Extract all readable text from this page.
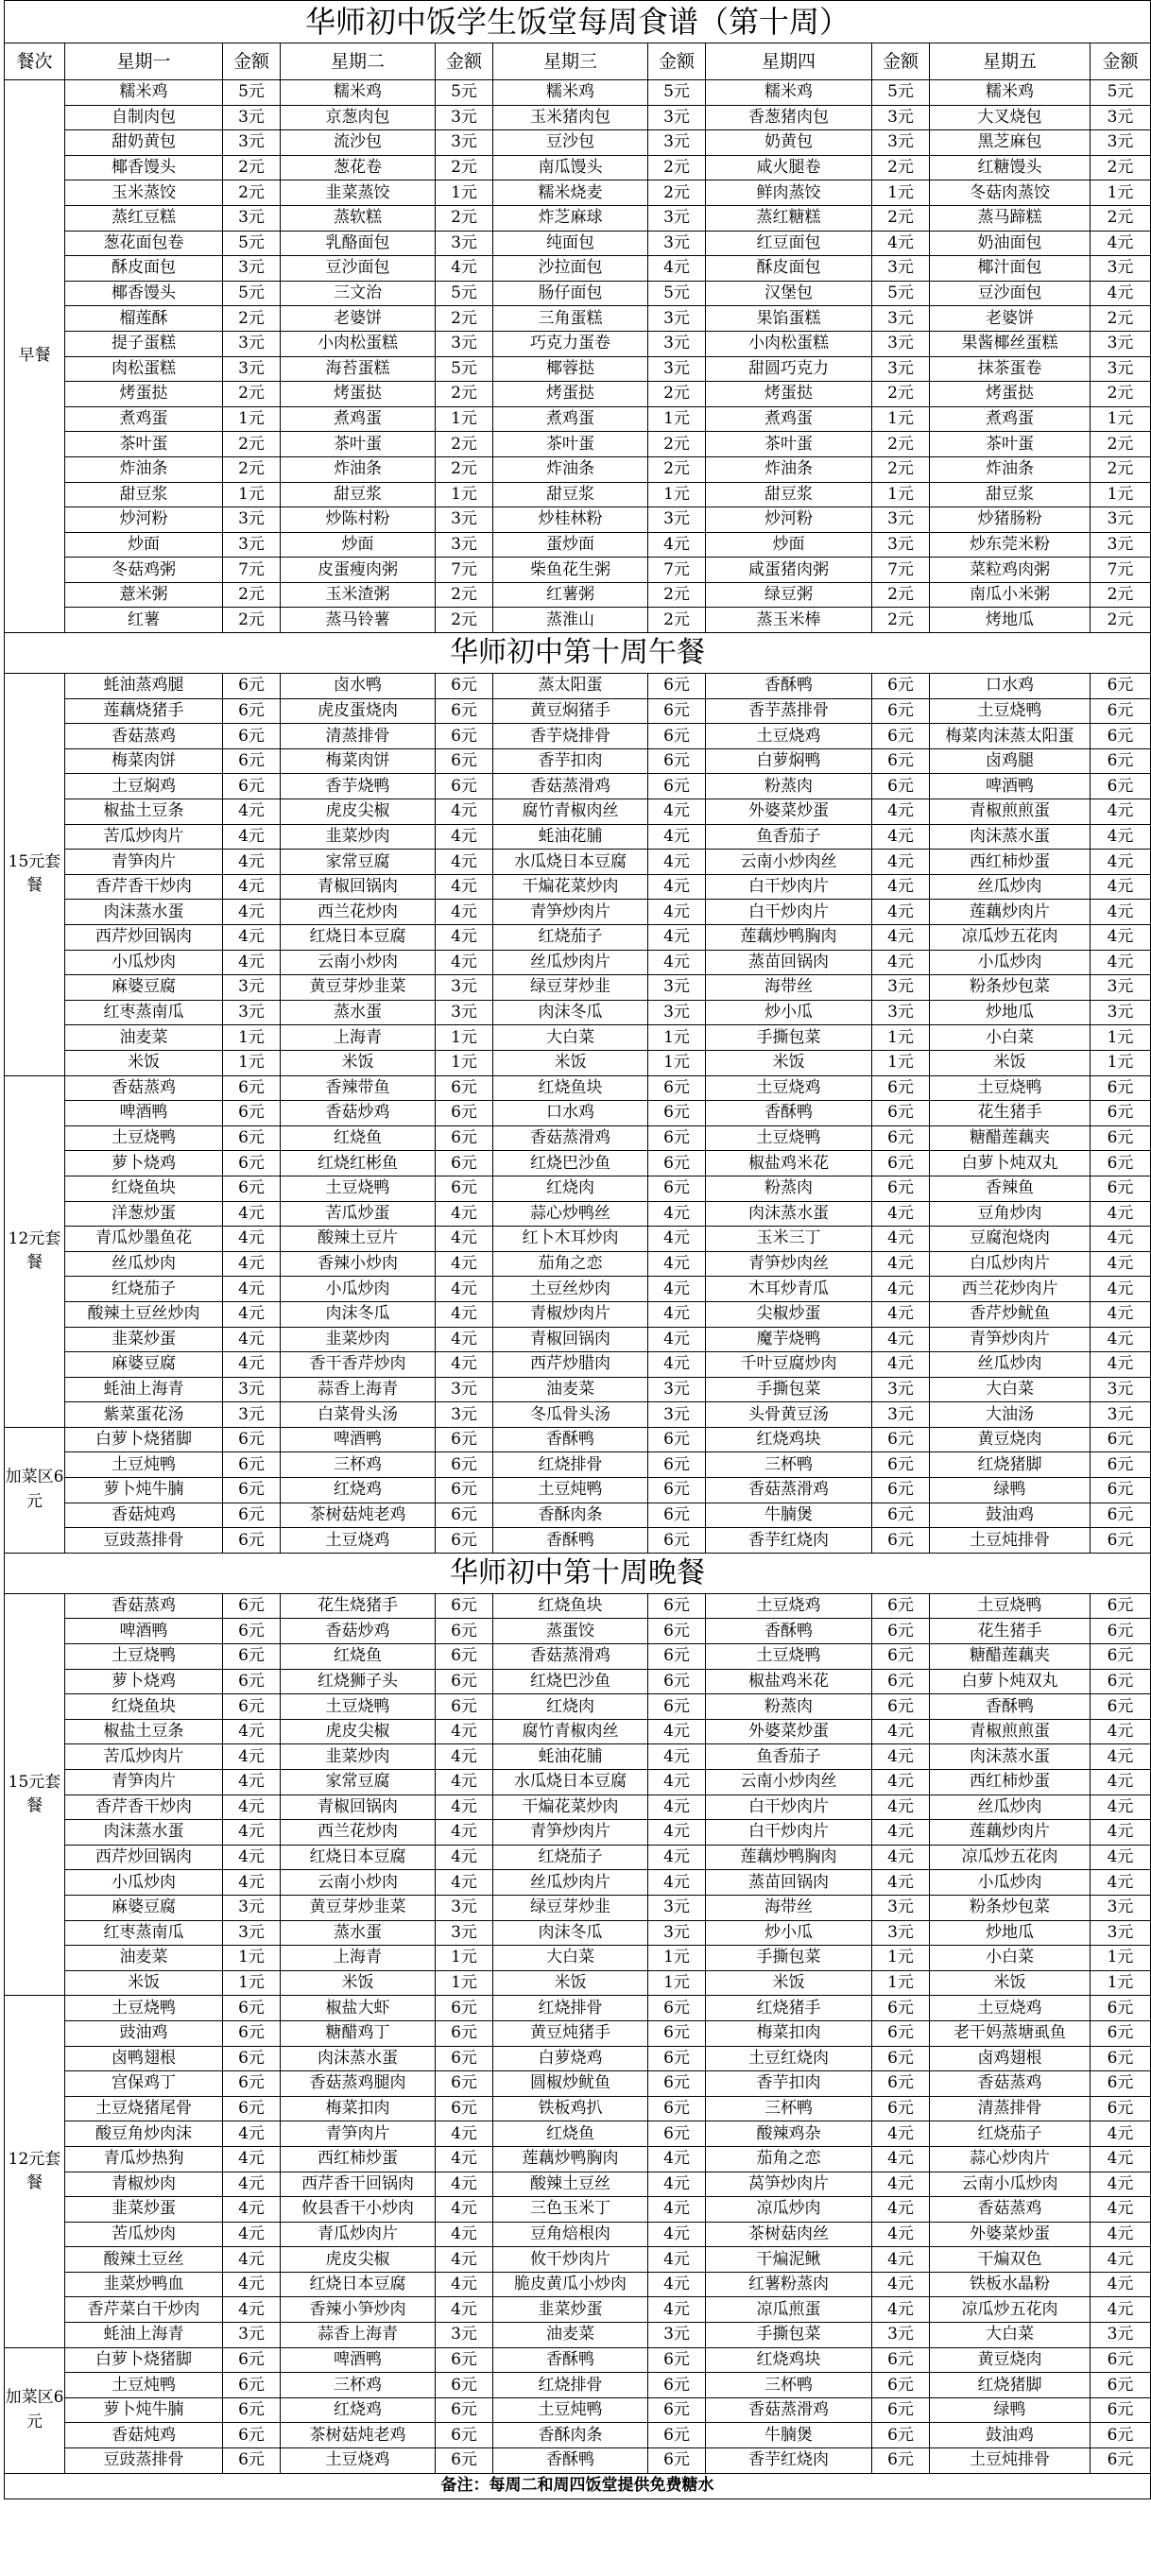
华师初中饭学生饭堂每周食谱（第十周）										
餐次	星期一	金额	星期二	金额	星期三	金额	星期四	金额	星期五	金额
早餐	糯米鸡	5元	糯米鸡	5元	糯米鸡	5元	糯米鸡	5元	糯米鸡	5元
	自制肉包	3元	京葱肉包	3元	玉米猪肉包	3元	香葱猪肉包	3元	大叉烧包	3元
	甜奶黄包	3元	流沙包	3元	豆沙包	3元	奶黄包	3元	黑芝麻包	3元
	椰香馒头	2元	葱花卷	2元	南瓜馒头	2元	咸火腿卷	2元	红糖馒头	2元
	玉米蒸饺	2元	韭菜蒸饺	1元	糯米烧麦	2元	鲜肉蒸饺	1元	冬菇肉蒸饺	1元
	蒸红豆糕	3元	蒸软糕	2元	炸芝麻球	3元	蒸红糖糕	2元	蒸马蹄糕	2元
	葱花面包卷	5元	乳酪面包	3元	纯面包	3元	红豆面包	4元	奶油面包	4元
	酥皮面包	3元	豆沙面包	4元	沙拉面包	4元	酥皮面包	3元	椰汁面包	3元
	椰香馒头	5元	三文治	5元	肠仔面包	5元	汉堡包	5元	豆沙面包	4元
	榴莲酥	2元	老婆饼	2元	三角蛋糕	3元	果馅蛋糕	3元	老婆饼	2元
	提子蛋糕	3元	小肉松蛋糕	3元	巧克力蛋卷	3元	小肉松蛋糕	3元	果酱椰丝蛋糕	3元
	肉松蛋糕	3元	海苔蛋糕	5元	椰蓉挞	3元	甜圆巧克力	3元	抹茶蛋卷	3元
	烤蛋挞	2元	烤蛋挞	2元	烤蛋挞	2元	烤蛋挞	2元	烤蛋挞	2元
	煮鸡蛋	1元	煮鸡蛋	1元	煮鸡蛋	1元	煮鸡蛋	1元	煮鸡蛋	1元
	茶叶蛋	2元	茶叶蛋	2元	茶叶蛋	2元	茶叶蛋	2元	茶叶蛋	2元
	炸油条	2元	炸油条	2元	炸油条	2元	炸油条	2元	炸油条	2元
	甜豆浆	1元	甜豆浆	1元	甜豆浆	1元	甜豆浆	1元	甜豆浆	1元
	炒河粉	3元	炒陈村粉	3元	炒桂林粉	3元	炒河粉	3元	炒猪肠粉	3元
	炒面	3元	炒面	3元	蛋炒面	4元	炒面	3元	炒东莞米粉	3元
	冬菇鸡粥	7元	皮蛋瘦肉粥	7元	柴鱼花生粥	7元	咸蛋猪肉粥	7元	菜粒鸡肉粥	7元
	薏米粥	2元	玉米渣粥	2元	红薯粥	2元	绿豆粥	2元	南瓜小米粥	2元
	红薯	2元	蒸马铃薯	2元	蒸淮山	2元	蒸玉米棒	2元	烤地瓜	2元
华师初中第十周午餐										
15元套餐	蚝油蒸鸡腿	6元	卤水鸭	6元	蒸太阳蛋	6元	香酥鸭	6元	口水鸡	6元
	莲藕烧猪手	6元	虎皮蛋烧肉	6元	黄豆焖猪手	6元	香芋蒸排骨	6元	土豆烧鸭	6元
	香菇蒸鸡	6元	清蒸排骨	6元	香芋烧排骨	6元	土豆烧鸡	6元	梅菜肉沫蒸太阳蛋	6元
	梅菜肉饼	6元	梅菜肉饼	6元	香芋扣肉	6元	白萝焖鸭	6元	卤鸡腿	6元
	土豆焖鸡	6元	香芋烧鸭	6元	香菇蒸滑鸡	6元	粉蒸肉	6元	啤酒鸭	6元
	椒盐土豆条	4元	虎皮尖椒	4元	腐竹青椒肉丝	4元	外婆菜炒蛋	4元	青椒煎煎蛋	4元
	苦瓜炒肉片	4元	韭菜炒肉	4元	蚝油花脯	4元	鱼香茄子	4元	肉沫蒸水蛋	4元
	青笋肉片	4元	家常豆腐	4元	水瓜烧日本豆腐	4元	云南小炒肉丝	4元	西红柿炒蛋	4元
	香芹香干炒肉	4元	青椒回锅肉	4元	干煸花菜炒肉	4元	白干炒肉片	4元	丝瓜炒肉	4元
	肉沫蒸水蛋	4元	西兰花炒肉	4元	青笋炒肉片	4元	白干炒肉片	4元	莲藕炒肉片	4元
	西芹炒回锅肉	4元	红烧日本豆腐	4元	红烧茄子	4元	莲藕炒鸭胸肉	4元	凉瓜炒五花肉	4元
	小瓜炒肉	4元	云南小炒肉	4元	丝瓜炒肉片	4元	蒸苗回锅肉	4元	小瓜炒肉	4元
	麻婆豆腐	3元	黄豆芽炒韭菜	3元	绿豆芽炒韭	3元	海带丝	3元	粉条炒包菜	3元
	红枣蒸南瓜	3元	蒸水蛋	3元	肉沫冬瓜	3元	炒小瓜	3元	炒地瓜	3元
	油麦菜	1元	上海青	1元	大白菜	1元	手撕包菜	1元	小白菜	1元
	米饭	1元	米饭	1元	米饭	1元	米饭	1元	米饭	1元
12元套餐	香菇蒸鸡	6元	香辣带鱼	6元	红烧鱼块	6元	土豆烧鸡	6元	土豆烧鸭	6元
	啤酒鸭	6元	香菇炒鸡	6元	口水鸡	6元	香酥鸭	6元	花生猪手	6元
	土豆烧鸭	6元	红烧鱼	6元	香菇蒸滑鸡	6元	土豆烧鸭	6元	糖醋莲藕夹	6元
	萝卜烧鸡	6元	红烧红彬鱼	6元	红烧巴沙鱼	6元	椒盐鸡米花	6元	白萝卜炖双丸	6元
	红烧鱼块	6元	土豆烧鸭	6元	红烧肉	6元	粉蒸肉	6元	香辣鱼	6元
	洋葱炒蛋	4元	苦瓜炒蛋	4元	蒜心炒鸭丝	4元	肉沫蒸水蛋	4元	豆角炒肉	4元
	青瓜炒墨鱼花	4元	酸辣土豆片	4元	红卜木耳炒肉	4元	玉米三丁	4元	豆腐泡烧肉	4元
	丝瓜炒肉	4元	香辣小炒肉	4元	茄角之恋	4元	青笋炒肉丝	4元	白瓜炒肉片	4元
	红烧茄子	4元	小瓜炒肉	4元	土豆丝炒肉	4元	木耳炒青瓜	4元	西兰花炒肉片	4元
	酸辣土豆丝炒肉	4元	肉沫冬瓜	4元	青椒炒肉片	4元	尖椒炒蛋	4元	香芹炒鱿鱼	4元
	韭菜炒蛋	4元	韭菜炒肉	4元	青椒回锅肉	4元	魔芋烧鸭	4元	青笋炒肉片	4元
	麻婆豆腐	4元	香干香芹炒肉	4元	西芹炒腊肉	4元	千叶豆腐炒肉	4元	丝瓜炒肉	4元
	蚝油上海青	3元	蒜香上海青	3元	油麦菜	3元	手撕包菜	3元	大白菜	3元
	紫菜蛋花汤	3元	白菜骨头汤	3元	冬瓜骨头汤	3元	头骨黄豆汤	3元	大油汤	3元
加菜区6元	白萝卜烧猪脚	6元	啤酒鸭	6元	香酥鸭	6元	红烧鸡块	6元	黄豆烧肉	6元
	土豆炖鸭	6元	三杯鸡	6元	红烧排骨	6元	三杯鸭	6元	红烧猪脚	6元
	萝卜炖牛腩	6元	红烧鸡	6元	土豆炖鸭	6元	香菇蒸滑鸡	6元	绿鸭	6元
	香菇炖鸡	6元	茶树菇炖老鸡	6元	香酥肉条	6元	牛腩煲	6元	鼓油鸡	6元
	豆豉蒸排骨	6元	土豆烧鸡	6元	香酥鸭	6元	香芋红烧肉	6元	土豆炖排骨	6元
华师初中第十周晚餐										
15元套餐	香菇蒸鸡	6元	花生烧猪手	6元	红烧鱼块	6元	土豆烧鸡	6元	土豆烧鸭	6元
	啤酒鸭	6元	香菇炒鸡	6元	蒸蛋饺	6元	香酥鸭	6元	花生猪手	6元
	土豆烧鸭	6元	红烧鱼	6元	香菇蒸滑鸡	6元	土豆烧鸭	6元	糖醋莲藕夹	6元
	萝卜烧鸡	6元	红烧狮子头	6元	红烧巴沙鱼	6元	椒盐鸡米花	6元	白萝卜炖双丸	6元
	红烧鱼块	6元	土豆烧鸭	6元	红烧肉	6元	粉蒸肉	6元	香酥鸭	6元
	椒盐土豆条	4元	虎皮尖椒	4元	腐竹青椒肉丝	4元	外婆菜炒蛋	4元	青椒煎煎蛋	4元
	苦瓜炒肉片	4元	韭菜炒肉	4元	蚝油花脯	4元	鱼香茄子	4元	肉沫蒸水蛋	4元
	青笋肉片	4元	家常豆腐	4元	水瓜烧日本豆腐	4元	云南小炒肉丝	4元	西红柿炒蛋	4元
	香芹香干炒肉	4元	青椒回锅肉	4元	干煸花菜炒肉	4元	白干炒肉片	4元	丝瓜炒肉	4元
	肉沫蒸水蛋	4元	西兰花炒肉	4元	青笋炒肉片	4元	白干炒肉片	4元	莲藕炒肉片	4元
	西芹炒回锅肉	4元	红烧日本豆腐	4元	红烧茄子	4元	莲藕炒鸭胸肉	4元	凉瓜炒五花肉	4元
	小瓜炒肉	4元	云南小炒肉	4元	丝瓜炒肉片	4元	蒸苗回锅肉	4元	小瓜炒肉	4元
	麻婆豆腐	3元	黄豆芽炒韭菜	3元	绿豆芽炒韭	3元	海带丝	3元	粉条炒包菜	3元
	红枣蒸南瓜	3元	蒸水蛋	3元	肉沫冬瓜	3元	炒小瓜	3元	炒地瓜	3元
	油麦菜	1元	上海青	1元	大白菜	1元	手撕包菜	1元	小白菜	1元
	米饭	1元	米饭	1元	米饭	1元	米饭	1元	米饭	1元
12元套餐	土豆烧鸭	6元	椒盐大虾	6元	红烧排骨	6元	红烧猪手	6元	土豆烧鸡	6元
	豉油鸡	6元	糖醋鸡丁	6元	黄豆炖猪手	6元	梅菜扣肉	6元	老干妈蒸塘虱鱼	6元
	卤鸭翅根	6元	肉沫蒸水蛋	6元	白萝烧鸡	6元	土豆红烧肉	6元	卤鸡翅根	6元
	宫保鸡丁	6元	香菇蒸鸡腿肉	6元	圆椒炒鱿鱼	6元	香芋扣肉	6元	香菇蒸鸡	6元
	土豆烧猪尾骨	6元	梅菜扣肉	6元	铁板鸡扒	6元	三杯鸭	6元	清蒸排骨	6元
	酸豆角炒肉沫	4元	青笋肉片	4元	红烧鱼	6元	酸辣鸡杂	4元	红烧茄子	4元
	青瓜炒热狗	4元	西红柿炒蛋	4元	莲藕炒鸭胸肉	4元	茄角之恋	4元	蒜心炒肉片	4元
	青椒炒肉	4元	西芹香干回锅肉	4元	酸辣土豆丝	4元	莴笋炒肉片	4元	云南小瓜炒肉	4元
	韭菜炒蛋	4元	攸县香干小炒肉	4元	三色玉米丁	4元	凉瓜炒肉	4元	香菇蒸鸡	4元
	苦瓜炒肉	4元	青瓜炒肉片	4元	豆角焙根肉	4元	茶树菇肉丝	4元	外婆菜炒蛋	4元
	酸辣土豆丝	4元	虎皮尖椒	4元	攸干炒肉片	4元	干煸泥鳅	4元	干煸双色	4元
	韭菜炒鸭血	4元	红烧日本豆腐	4元	脆皮黄瓜小炒肉	4元	红薯粉蒸肉	4元	铁板水晶粉	4元
	香芹菜白干炒肉	4元	香辣小笋炒肉	4元	韭菜炒蛋	4元	凉瓜煎蛋	4元	凉瓜炒五花肉	4元
	蚝油上海青	3元	蒜香上海青	3元	油麦菜	3元	手撕包菜	3元	大白菜	3元
加菜区6元	白萝卜烧猪脚	6元	啤酒鸭	6元	香酥鸭	6元	红烧鸡块	6元	黄豆烧肉	6元
	土豆炖鸭	6元	三杯鸡	6元	红烧排骨	6元	三杯鸭	6元	红烧猪脚	6元
	萝卜炖牛腩	6元	红烧鸡	6元	土豆炖鸭	6元	香菇蒸滑鸡	6元	绿鸭	6元
	香菇炖鸡	6元	茶树菇炖老鸡	6元	香酥肉条	6元	牛腩煲	6元	鼓油鸡	6元
	豆豉蒸排骨	6元	土豆烧鸡	6元	香酥鸭	6元	香芋红烧肉	6元	土豆炖排骨	6元
备注：每周二和周四饭堂提供免费糖水										
